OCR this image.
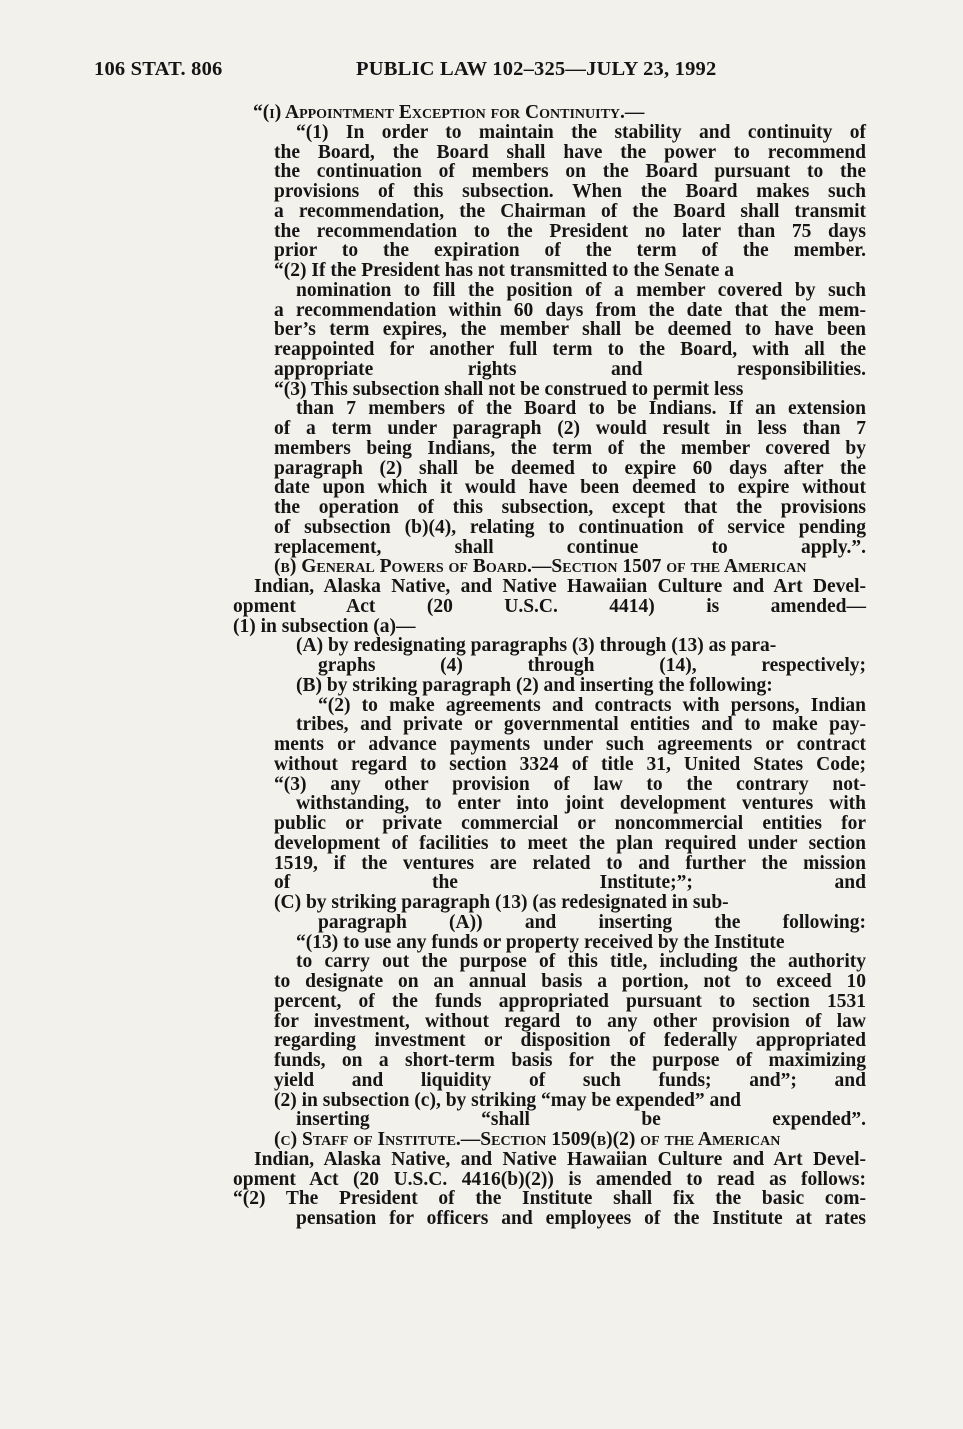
106 STAT. 806	PUBLIC LAW 102–325—JULY 23, 1992
“(i) Appointment Exception for Continuity.—
“(1) In order to maintain the stability and continuity of
the Board, the Board shall have the power to recommend
the continuation of members on the Board pursuant to the
provisions of this subsection. When the Board makes such
a recommendation, the Chairman of the Board shall transmit
the recommendation to the President no later than 75 days
prior to the expiration of the term of the member.
“(2) If the President has not transmitted to the Senate a
nomination to fill the position of a member covered by such
a recommendation within 60 days from the date that the mem-
ber’s term expires, the member shall be deemed to have been
reappointed for another full term to the Board, with all the
appropriate rights and responsibilities.
“(3) This subsection shall not be construed to permit less
than 7 members of the Board to be Indians. If an extension
of a term under paragraph (2) would result in less than 7
members being Indians, the term of the member covered by
paragraph (2) shall be deemed to expire 60 days after the
date upon which it would have been deemed to expire without
the operation of this subsection, except that the provisions
of subsection (b)(4), relating to continuation of service pending
replacement, shall continue to apply.”.
(b) General Powers of Board.—Section 1507 of the American
Indian, Alaska Native, and Native Hawaiian Culture and Art Devel-
opment Act (20 U.S.C. 4414) is amended—
(1) in subsection (a)—
(A) by redesignating paragraphs (3) through (13) as para-
graphs (4) through (14), respectively;
(B) by striking paragraph (2) and inserting the following:
“(2) to make agreements and contracts with persons, Indian
tribes, and private or governmental entities and to make pay-
ments or advance payments under such agreements or contract
without regard to section 3324 of title 31, United States Code;
“(3) any other provision of law to the contrary not-
withstanding, to enter into joint development ventures with
public or private commercial or noncommercial entities for
development of facilities to meet the plan required under section
1519, if the ventures are related to and further the mission
of the Institute;”; and
(C) by striking paragraph (13) (as redesignated in sub-
paragraph (A)) and inserting the following:
“(13) to use any funds or property received by the Institute
to carry out the purpose of this title, including the authority
to designate on an annual basis a portion, not to exceed 10
percent, of the funds appropriated pursuant to section 1531
for investment, without regard to any other provision of law
regarding investment or disposition of federally appropriated
funds, on a short-term basis for the purpose of maximizing
yield and liquidity of such funds; and”; and
(2) in subsection (c), by striking “may be expended” and
inserting “shall be expended”.
(c) Staff of Institute.—Section 1509(b)(2) of the American
Indian, Alaska Native, and Native Hawaiian Culture and Art Devel-
opment Act (20 U.S.C. 4416(b)(2)) is amended to read as follows:
“(2) The President of the Institute shall fix the basic com-
pensation for officers and employees of the Institute at rates
